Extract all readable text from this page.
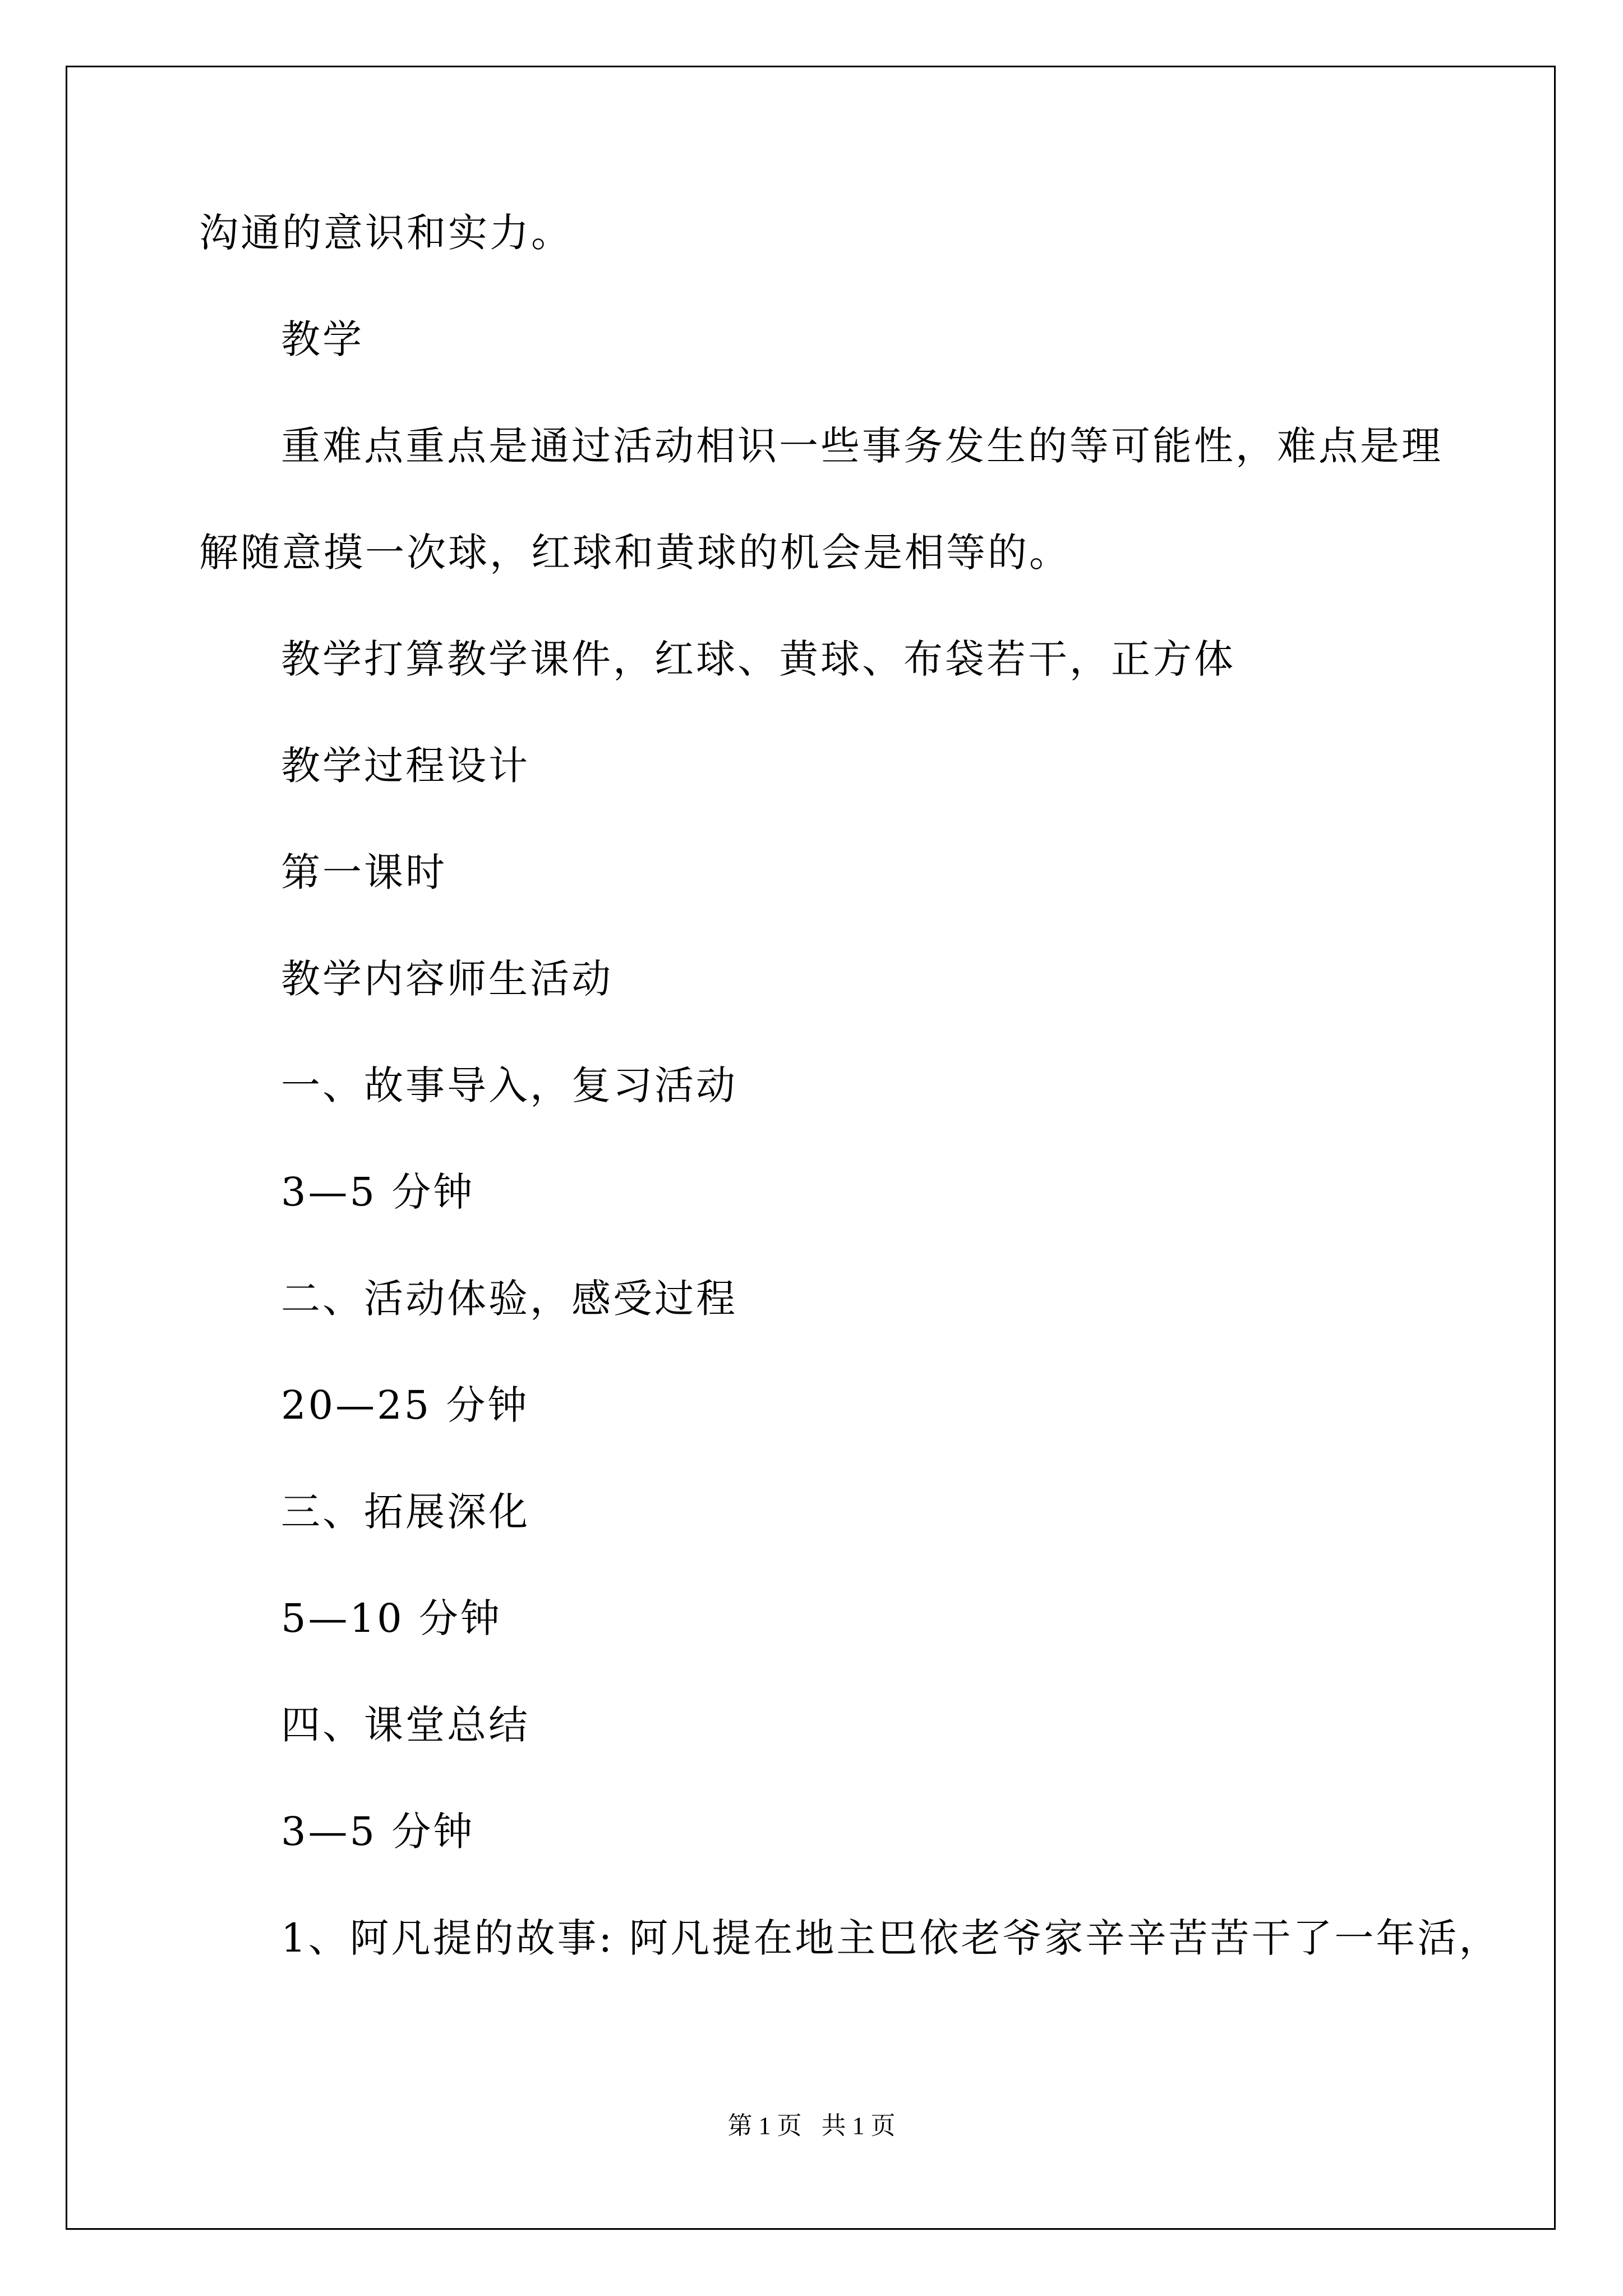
沟通的意识和实力。
教学
重难点重点是通过活动相识一些事务发生的等可能性，难点是理
解随意摸一次球，红球和黄球的机会是相等的。
教学打算教学课件，红球、黄球、布袋若干，正方体
教学过程设计
第一课时
教学内容师生活动
一、故事导入，复习活动
3—5 分钟
二、活动体验，感受过程
20—25 分钟
三、拓展深化
5—10 分钟
四、课堂总结
3—5 分钟
1、阿凡提的故事: 阿凡提在地主巴依老爷家辛辛苦苦干了一年活，
第 1 页 共 1 页
